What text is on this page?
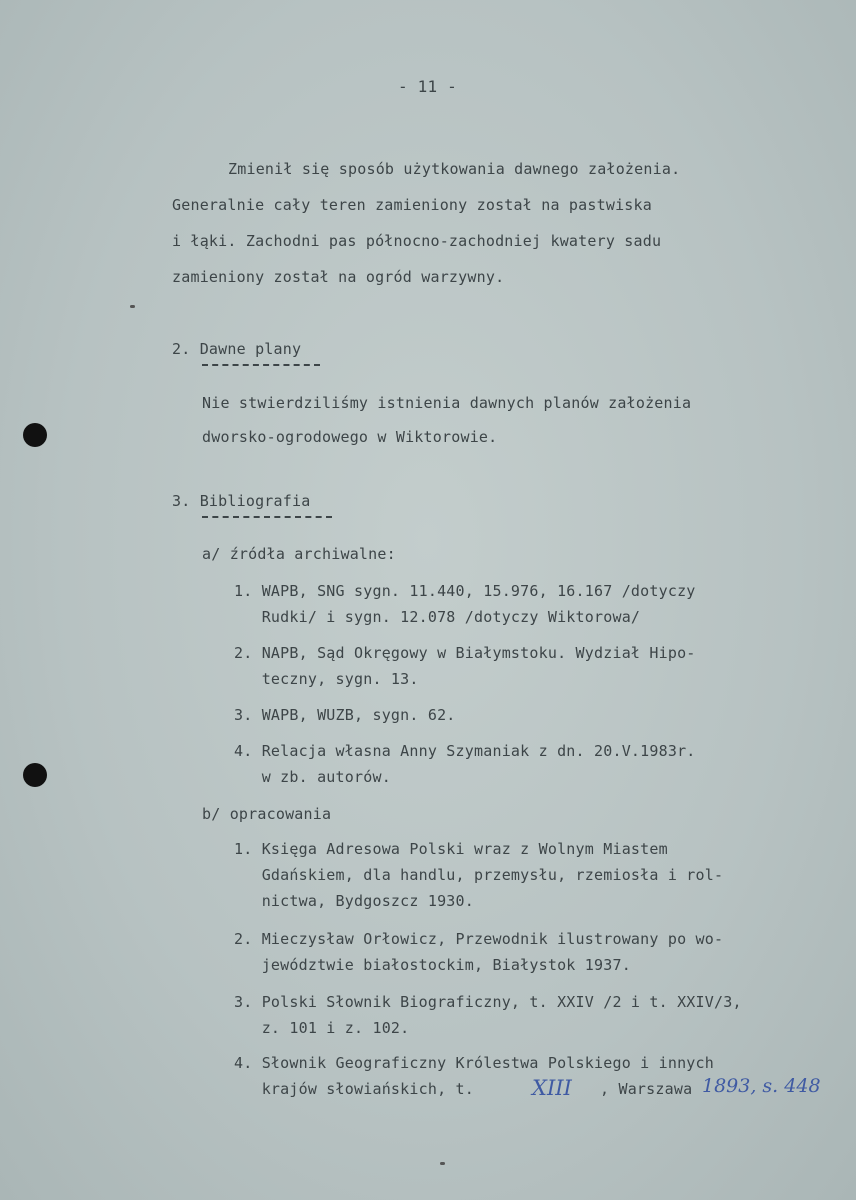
- 11 -
Zmienił się sposób użytkowania dawnego założenia.
Generalnie cały teren zamieniony został na pastwiska
i łąki. Zachodni pas północno-zachodniej kwatery sadu
zamieniony został na ogród warzywny.
2. Dawne plany
Nie stwierdziliśmy istnienia dawnych planów założenia
dworsko-ogrodowego w Wiktorowie.
3. Bibliografia
a/ źródła archiwalne:
1. WAPB, SNG sygn. 11.440, 15.976, 16.167 /dotyczy
Rudki/ i sygn. 12.078 /dotyczy Wiktorowa/
2. NAPB, Sąd Okręgowy w Białymstoku. Wydział Hipo-
teczny, sygn. 13.
3. WAPB, WUZB, sygn. 62.
4. Relacja własna Anny Szymaniak z dn. 20.V.1983r.
w zb. autorów.
b/ opracowania
1. Księga Adresowa Polski wraz z Wolnym Miastem
Gdańskiem, dla handlu, przemysłu, rzemiosła i rol-
nictwa, Bydgoszcz 1930.
2. Mieczysław Orłowicz, Przewodnik ilustrowany po wo-
jewództwie białostockim, Białystok 1937.
3. Polski Słownik Biograficzny, t. XXIV /2 i t. XXIV/3,
z. 101 i z. 102.
4. Słownik Geograficzny Królestwa Polskiego i innych
krajów słowiańskich, t.	XIII , Warszawa 1893, s. 448
